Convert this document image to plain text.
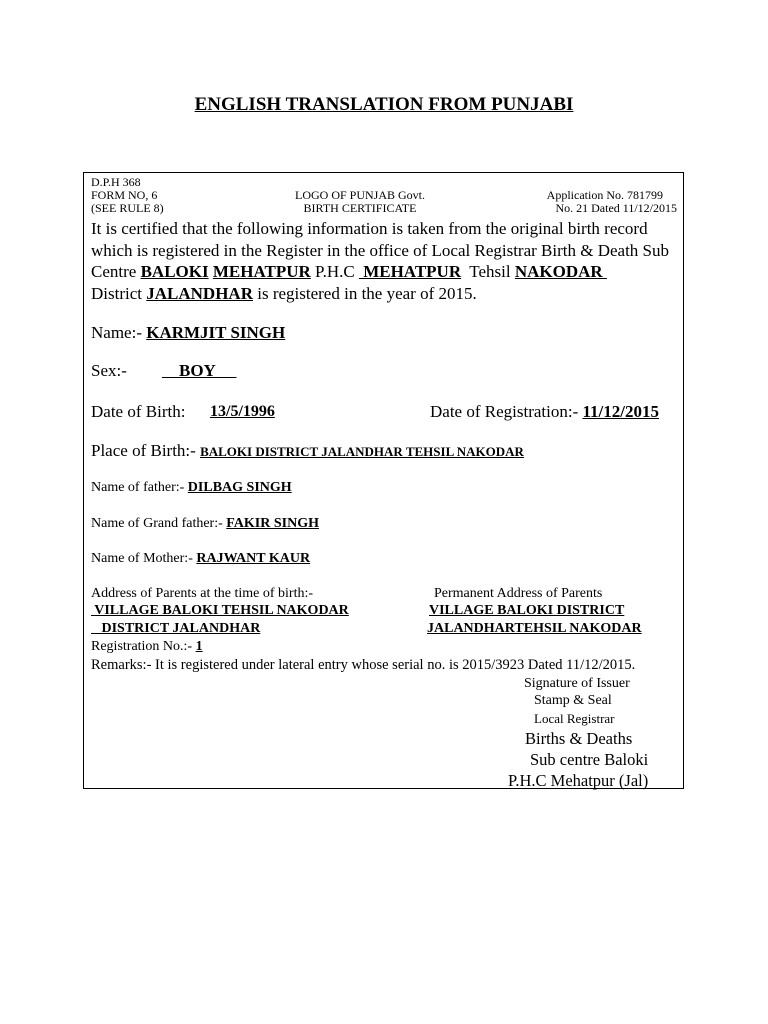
ENGLISH TRANSLATION FROM PUNJABI
D.P.H 368
FORM NO, 6
(SEE RULE 8)
LOGO OF PUNJAB Govt.
BIRTH CERTIFICATE
Application No. 781799
No. 21 Dated 11/12/2015
It is certified that the following information is taken from the original birth record which is registered in the Register in the office of Local Registrar Birth & Death Sub Centre BALOKI MEHATPUR P.H.C  MEHATPUR  Tehsil NAKODAR
District JALANDHAR is registered in the year of 2015.
Name:- KARMJIT SINGH
Sex:- BOY
Date of Birth: 13/5/1996	Date of Registration:- 11/12/2015
Place of Birth:- BALOKI DISTRICT JALANDHAR TEHSIL NAKODAR
Name of father:- DILBAG SINGH
Name of Grand father:- FAKIR SINGH
Name of Mother:- RAJWANT KAUR
Address of Parents at the time of birth:-
VILLAGE BALOKI TEHSIL NAKODAR
DISTRICT JALANDHAR
Permanent Address of Parents
VILLAGE BALOKI DISTRICT
JALANDHARTEHSIL NAKODAR
Registration No.:- 1
Remarks:- It is registered under lateral entry whose serial no. is 2015/3923 Dated 11/12/2015.
Signature of Issuer
Stamp & Seal
Local Registrar
Births & Deaths
Sub centre Baloki
P.H.C Mehatpur (Jal)
